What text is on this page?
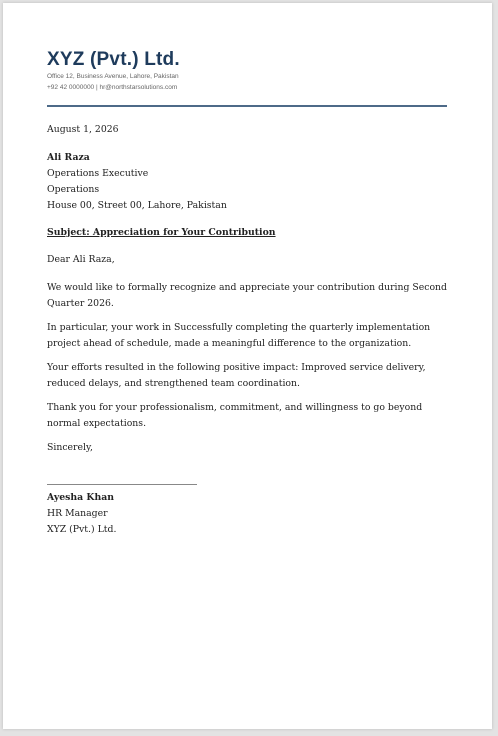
XYZ (Pvt.) Ltd.
Office 12, Business Avenue, Lahore, Pakistan
+92 42 0000000 | hr@northstarsolutions.com
August 1, 2026
Ali Raza
Operations Executive
Operations
House 00, Street 00, Lahore, Pakistan
Subject: Appreciation for Your Contribution
Dear Ali Raza,
We would like to formally recognize and appreciate your contribution during Second Quarter 2026.
In particular, your work in Successfully completing the quarterly implementation project ahead of schedule, made a meaningful difference to the organization.
Your efforts resulted in the following positive impact: Improved service delivery, reduced delays, and strengthened team coordination.
Thank you for your professionalism, commitment, and willingness to go beyond normal expectations.
Sincerely,
Ayesha Khan
HR Manager
XYZ (Pvt.) Ltd.
